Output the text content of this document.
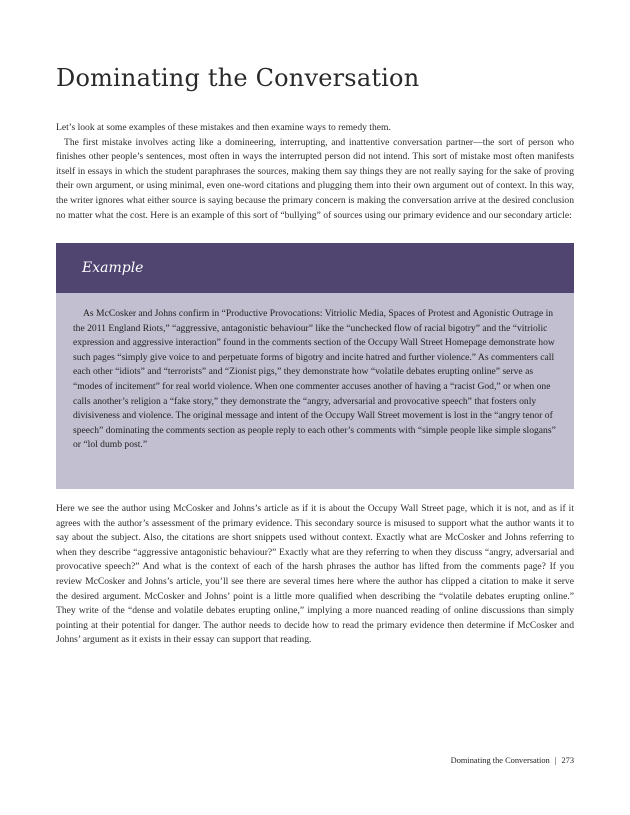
Dominating the Conversation

Let’s look at some examples of these mistakes and then examine ways to remedy them.

The first mistake involves acting like a domineering, interrupting, and inattentive conversation partner—the sort of person who finishes other people’s sentences, most often in ways the interrupted person did not intend. This sort of mistake most often manifests itself in essays in which the student paraphrases the sources, making them say things they are not really saying for the sake of proving their own argument, or using minimal, even one-word citations and plugging them into their own argument out of context. In this way, the writer ignores what either source is saying because the primary concern is making the conversation arrive at the desired conclusion no matter what the cost. Here is an example of this sort of “bullying” of sources using our primary evidence and our secondary article:

Example

As McCosker and Johns confirm in “Productive Provocations: Vitriolic Media, Spaces of Protest and Agonistic Outrage in the 2011 England Riots,” “aggressive, antagonistic behaviour” like the “unchecked flow of racial bigotry” and the “vitriolic expression and aggressive interaction” found in the comments section of the Occupy Wall Street Homepage demonstrate how such pages “simply give voice to and perpetuate forms of bigotry and incite hatred and further violence.” As commenters call each other “idiots” and “terrorists” and “Zionist pigs,” they demonstrate how “volatile debates erupting online” serve as “modes of incitement” for real world violence. When one commenter accuses another of having a “racist God,” or when one calls another’s religion a “fake story,” they demonstrate the “angry, adversarial and provocative speech” that fosters only divisiveness and violence. The original message and intent of the Occupy Wall Street movement is lost in the “angry tenor of speech” dominating the comments section as people reply to each other’s comments with “simple people like simple slogans” or “lol dumb post.”

Here we see the author using McCosker and Johns’s article as if it is about the Occupy Wall Street page, which it is not, and as if it agrees with the author’s assessment of the primary evidence. This secondary source is misused to support what the author wants it to say about the subject. Also, the citations are short snippets used without context. Exactly what are McCosker and Johns referring to when they describe “aggressive antagonistic behaviour?” Exactly what are they referring to when they discuss “angry, adversarial and provocative speech?” And what is the context of each of the harsh phrases the author has lifted from the comments page? If you review McCosker and Johns’s article, you’ll see there are several times here where the author has clipped a citation to make it serve the desired argument. McCosker and Johns’ point is a little more qualified when describing the “volatile debates erupting online.” They write of the “dense and volatile debates erupting online,” implying a more nuanced reading of online discussions than simply pointing at their potential for danger. The author needs to decide how to read the primary evidence then determine if McCosker and Johns’ argument as it exists in their essay can support that reading.

Dominating the Conversation | 273
